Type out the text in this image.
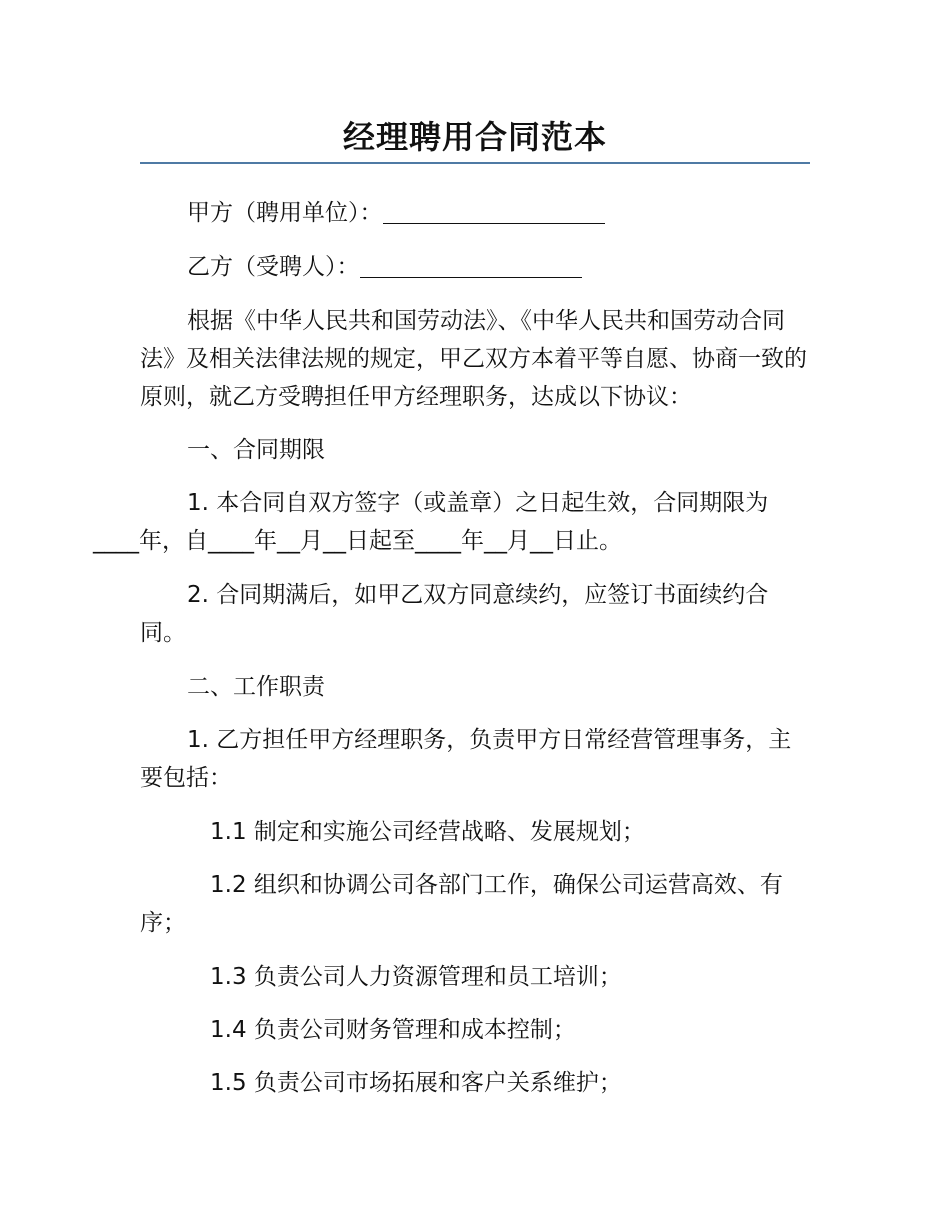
经理聘用合同范本

甲方（聘用单位）：

乙方（受聘人）：

根据《中华人民共和国劳动法》、《中华人民共和国劳动合同法》及相关法律法规的规定，甲乙双方本着平等自愿、协商一致的原则，就乙方受聘担任甲方经理职务，达成以下协议：

一、合同期限

1. 本合同自双方签字（或盖章）之日起生效，合同期限为
____年，自____年__月__日起至____年__月__日止。

2. 合同期满后，如甲乙双方同意续约，应签订书面续约合同。

二、工作职责

1. 乙方担任甲方经理职务，负责甲方日常经营管理事务，主要包括：

1.1 制定和实施公司经营战略、发展规划；

1.2 组织和协调公司各部门工作，确保公司运营高效、有序；

1.3 负责公司人力资源管理和员工培训；

1.4 负责公司财务管理和成本控制；

1.5 负责公司市场拓展和客户关系维护；
